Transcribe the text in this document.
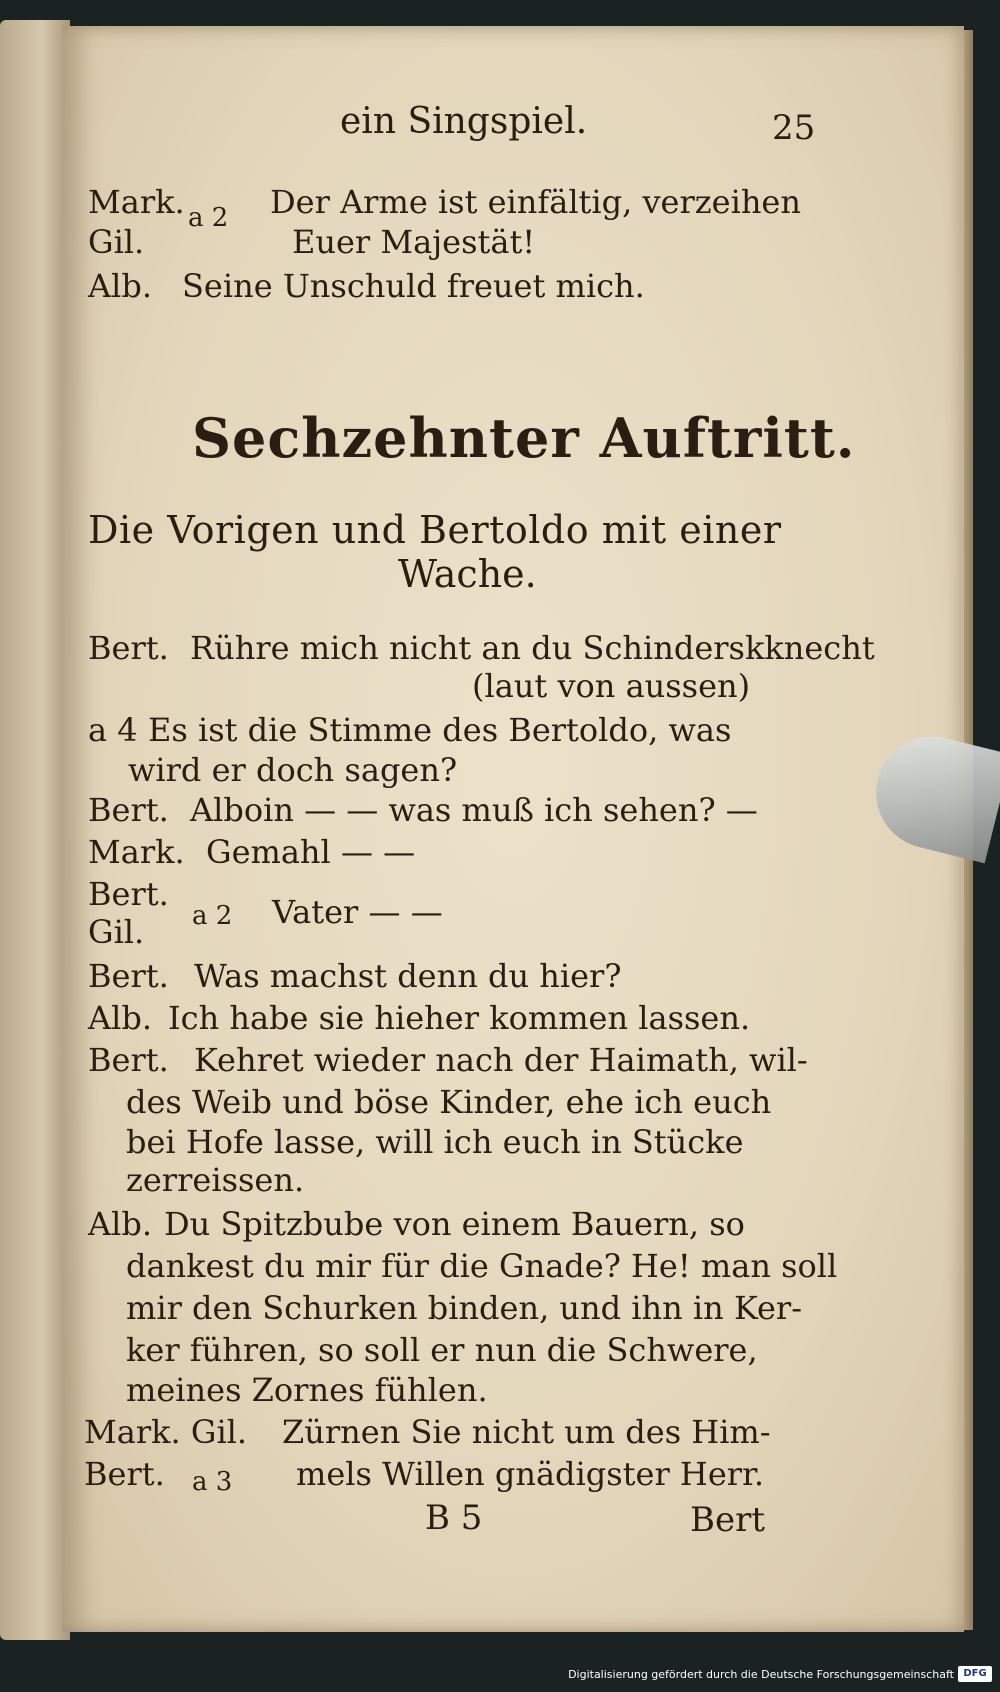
ein Singspiel.	25
Mark. a 2 Der Arme ist einfältig, verzeihen
Gil.	Euer Majestät!
Alb. Seine Unschuld freuet mich.
Sechzehnter Auftritt.
Die Vorigen und Bertoldo mit einer
Wache.
Bert. Rühre mich nicht an du Schinderskknecht
(laut von aussen)
a 4 Es ist die Stimme des Bertoldo, was
wird er doch sagen?
Bert. Alboin — — was muß ich sehen? —
Mark. Gemahl — —
Bert.
a 2 Vater — —
Gil.
Bert. Was machst denn du hier?
Alb. Ich habe sie hieher kommen lassen.
Bert. Kehret wieder nach der Haimath, wil-
des Weib und böse Kinder, ehe ich euch
bei Hofe lasse, will ich euch in Stücke
zerreissen.
Alb. Du Spitzbube von einem Bauern, so
dankest du mir für die Gnade? He! man soll
mir den Schurken binden, und ihn in Ker-
ker führen, so soll er nun die Schwere,
meines Zornes fühlen.
Mark. Gil. Zürnen Sie nicht um des Him-
Bert. a 3 mels Willen gnädigster Herr.
B 5	Bert
Digitalisierung gefördert durch die Deutsche Forschungsgemeinschaft DFG
